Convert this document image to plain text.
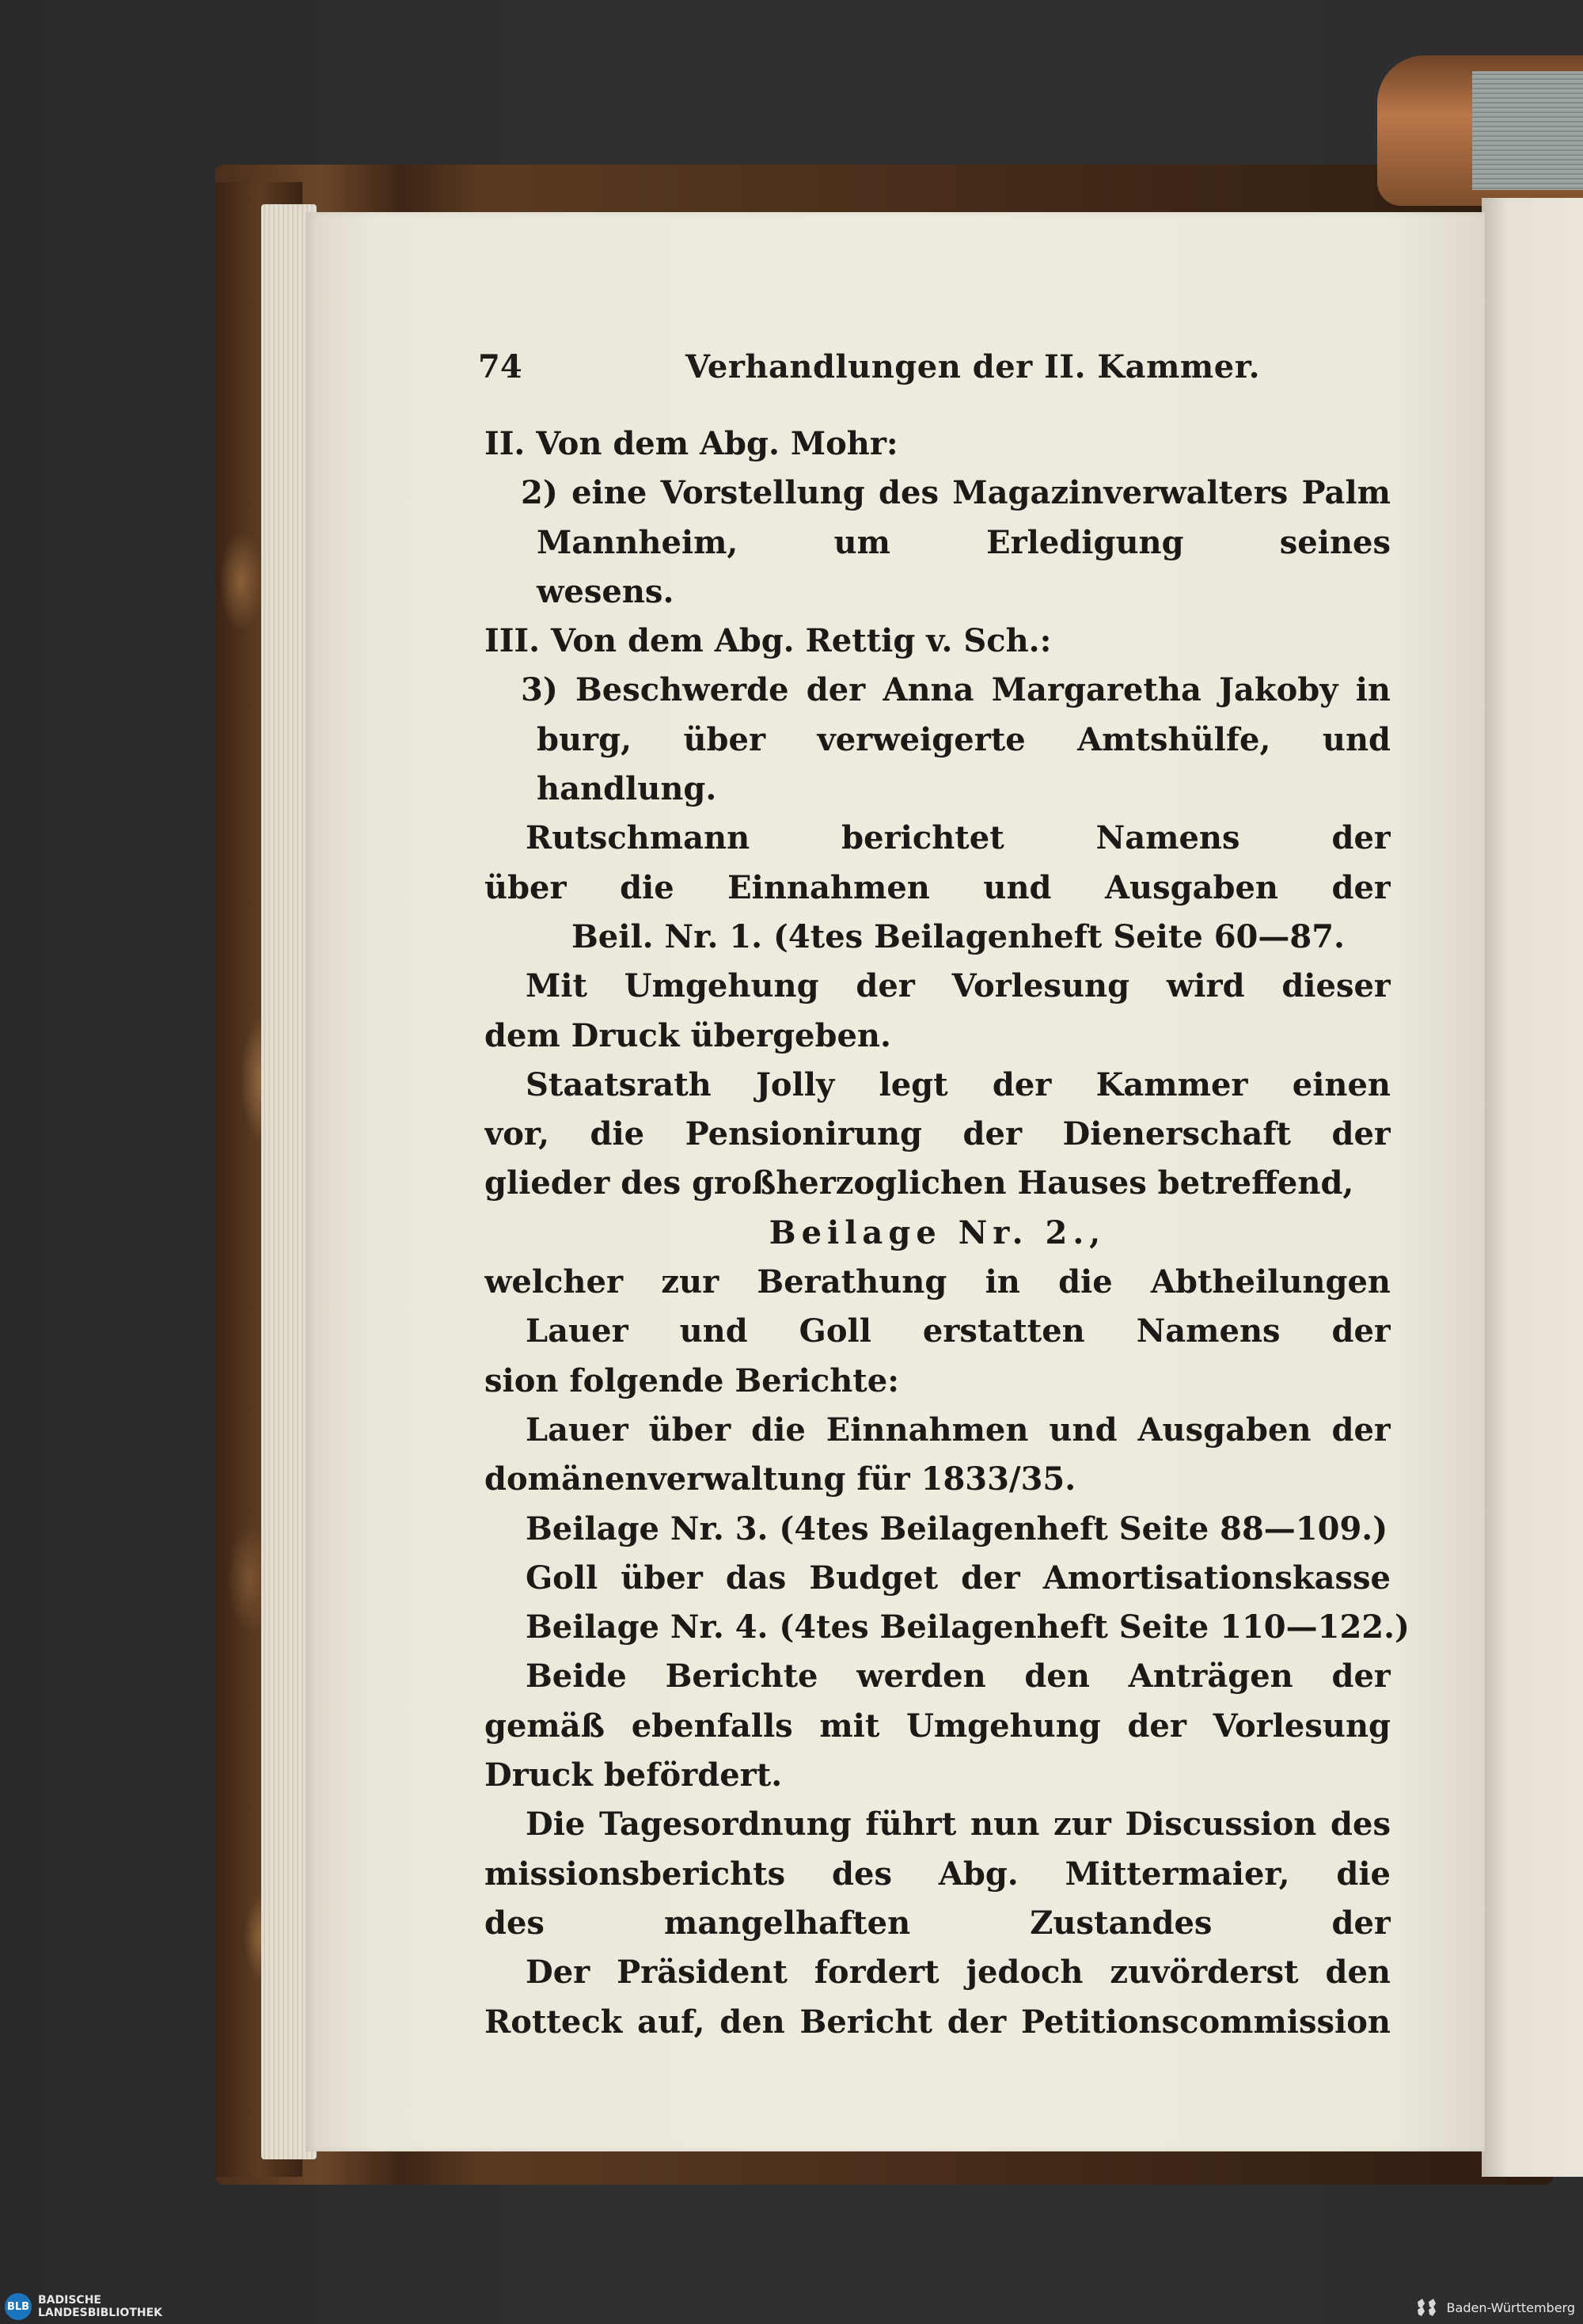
74	Verhandlungen der II. Kammer.
II. Von dem Abg. Mohr:
2) eine Vorstellung des Magazinverwalters Palm
Mannheim, um Erledigung seines
wesens.
III. Von dem Abg. Rettig v. Sch.:
3) Beschwerde der Anna Margaretha Jakoby in
burg, über verweigerte Amtshülfe, und
handlung.
Rutschmann berichtet Namens der
über die Einnahmen und Ausgaben der
Beil. Nr. 1. (4tes Beilagenheft Seite 60—87.
Mit Umgehung der Vorlesung wird dieser
dem Druck übergeben.
Staatsrath Jolly legt der Kammer einen
vor, die Pensionirung der Dienerschaft der
glieder des großherzoglichen Hauses betreffend,
Beilage Nr. 2.,
welcher zur Berathung in die Abtheilungen
Lauer und Goll erstatten Namens der
sion folgende Berichte:
Lauer über die Einnahmen und Ausgaben der
domänenverwaltung für 1833/35.
Beilage Nr. 3. (4tes Beilagenheft Seite 88—109.)
Goll über das Budget der Amortisationskasse
Beilage Nr. 4. (4tes Beilagenheft Seite 110—122.)
Beide Berichte werden den Anträgen der
gemäß ebenfalls mit Umgehung der Vorlesung
Druck befördert.
Die Tagesordnung führt nun zur Discussion des
missionsberichts des Abg. Mittermaier, die
des mangelhaften Zustandes der
Der Präsident fordert jedoch zuvörderst den
Rotteck auf, den Bericht der Petitionscommission
BLB BADISCHE
LANDESBIBLIOTHEK	Baden-Württemberg
